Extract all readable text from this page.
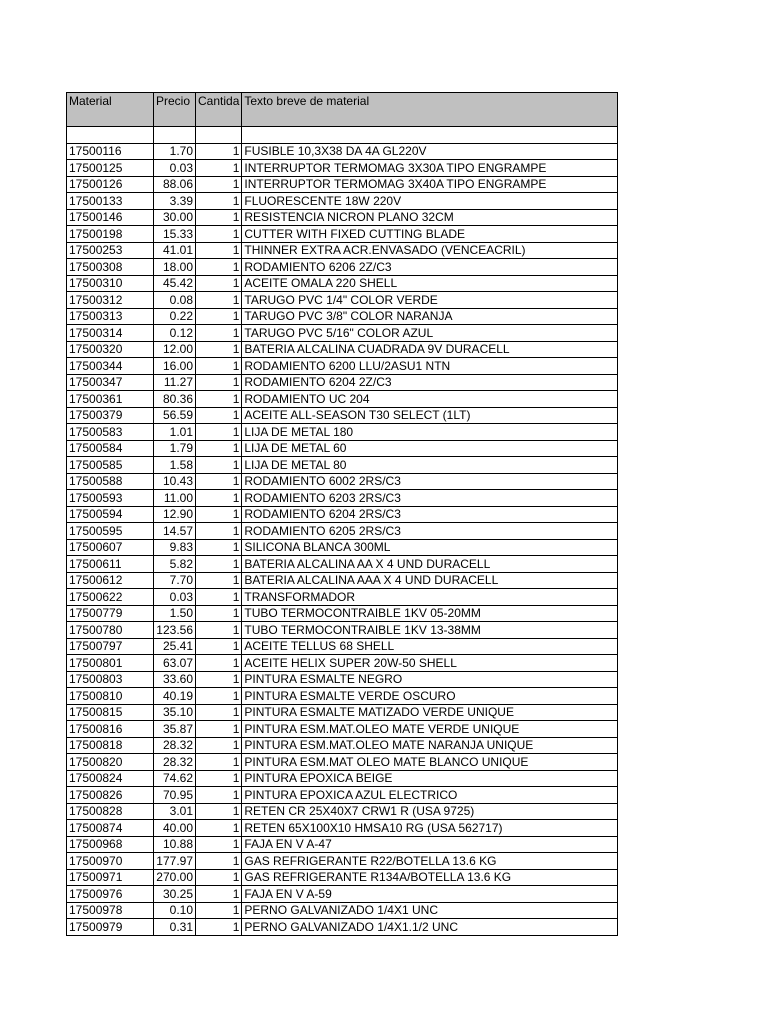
Material	Precio	Cantida	Texto breve de material

17500116	1.70	1	FUSIBLE 10,3X38 DA 4A GL220V
17500125	0.03	1	INTERRUPTOR TERMOMAG 3X30A TIPO ENGRAMPE
17500126	88.06	1	INTERRUPTOR TERMOMAG 3X40A TIPO ENGRAMPE
17500133	3.39	1	FLUORESCENTE 18W 220V
17500146	30.00	1	RESISTENCIA NICRON PLANO 32CM
17500198	15.33	1	CUTTER WITH FIXED CUTTING BLADE
17500253	41.01	1	THINNER EXTRA ACR.ENVASADO (VENCEACRIL)
17500308	18.00	1	RODAMIENTO 6206 2Z/C3
17500310	45.42	1	ACEITE OMALA 220 SHELL
17500312	0.08	1	TARUGO PVC 1/4" COLOR VERDE
17500313	0.22	1	TARUGO PVC 3/8" COLOR NARANJA
17500314	0.12	1	TARUGO PVC 5/16" COLOR AZUL
17500320	12.00	1	BATERIA ALCALINA CUADRADA 9V DURACELL
17500344	16.00	1	RODAMIENTO 6200 LLU/2ASU1 NTN
17500347	11.27	1	RODAMIENTO 6204 2Z/C3
17500361	80.36	1	RODAMIENTO UC 204
17500379	56.59	1	ACEITE ALL-SEASON T30 SELECT (1LT)
17500583	1.01	1	LIJA DE METAL 180
17500584	1.79	1	LIJA DE METAL 60
17500585	1.58	1	LIJA DE METAL 80
17500588	10.43	1	RODAMIENTO 6002 2RS/C3
17500593	11.00	1	RODAMIENTO 6203 2RS/C3
17500594	12.90	1	RODAMIENTO 6204 2RS/C3
17500595	14.57	1	RODAMIENTO 6205 2RS/C3
17500607	9.83	1	SILICONA BLANCA 300ML
17500611	5.82	1	BATERIA ALCALINA AA X 4 UND DURACELL
17500612	7.70	1	BATERIA ALCALINA AAA X 4 UND DURACELL
17500622	0.03	1	TRANSFORMADOR
17500779	1.50	1	TUBO TERMOCONTRAIBLE 1KV 05-20MM
17500780	123.56	1	TUBO TERMOCONTRAIBLE 1KV 13-38MM
17500797	25.41	1	ACEITE TELLUS 68 SHELL
17500801	63.07	1	ACEITE HELIX SUPER 20W-50 SHELL
17500803	33.60	1	PINTURA ESMALTE NEGRO
17500810	40.19	1	PINTURA ESMALTE VERDE OSCURO
17500815	35.10	1	PINTURA ESMALTE MATIZADO VERDE UNIQUE
17500816	35.87	1	PINTURA ESM.MAT.OLEO MATE VERDE UNIQUE
17500818	28.32	1	PINTURA ESM.MAT.OLEO MATE NARANJA UNIQUE
17500820	28.32	1	PINTURA ESM.MAT OLEO MATE BLANCO UNIQUE
17500824	74.62	1	PINTURA EPOXICA BEIGE
17500826	70.95	1	PINTURA EPOXICA AZUL ELECTRICO
17500828	3.01	1	RETEN CR 25X40X7 CRW1 R (USA 9725)
17500874	40.00	1	RETEN 65X100X10 HMSA10 RG (USA 562717)
17500968	10.88	1	FAJA EN V A-47
17500970	177.97	1	GAS REFRIGERANTE R22/BOTELLA 13.6 KG
17500971	270.00	1	GAS REFRIGERANTE R134A/BOTELLA 13.6 KG
17500976	30.25	1	FAJA EN V A-59
17500978	0.10	1	PERNO GALVANIZADO 1/4X1 UNC
17500979	0.31	1	PERNO GALVANIZADO 1/4X1.1/2 UNC
